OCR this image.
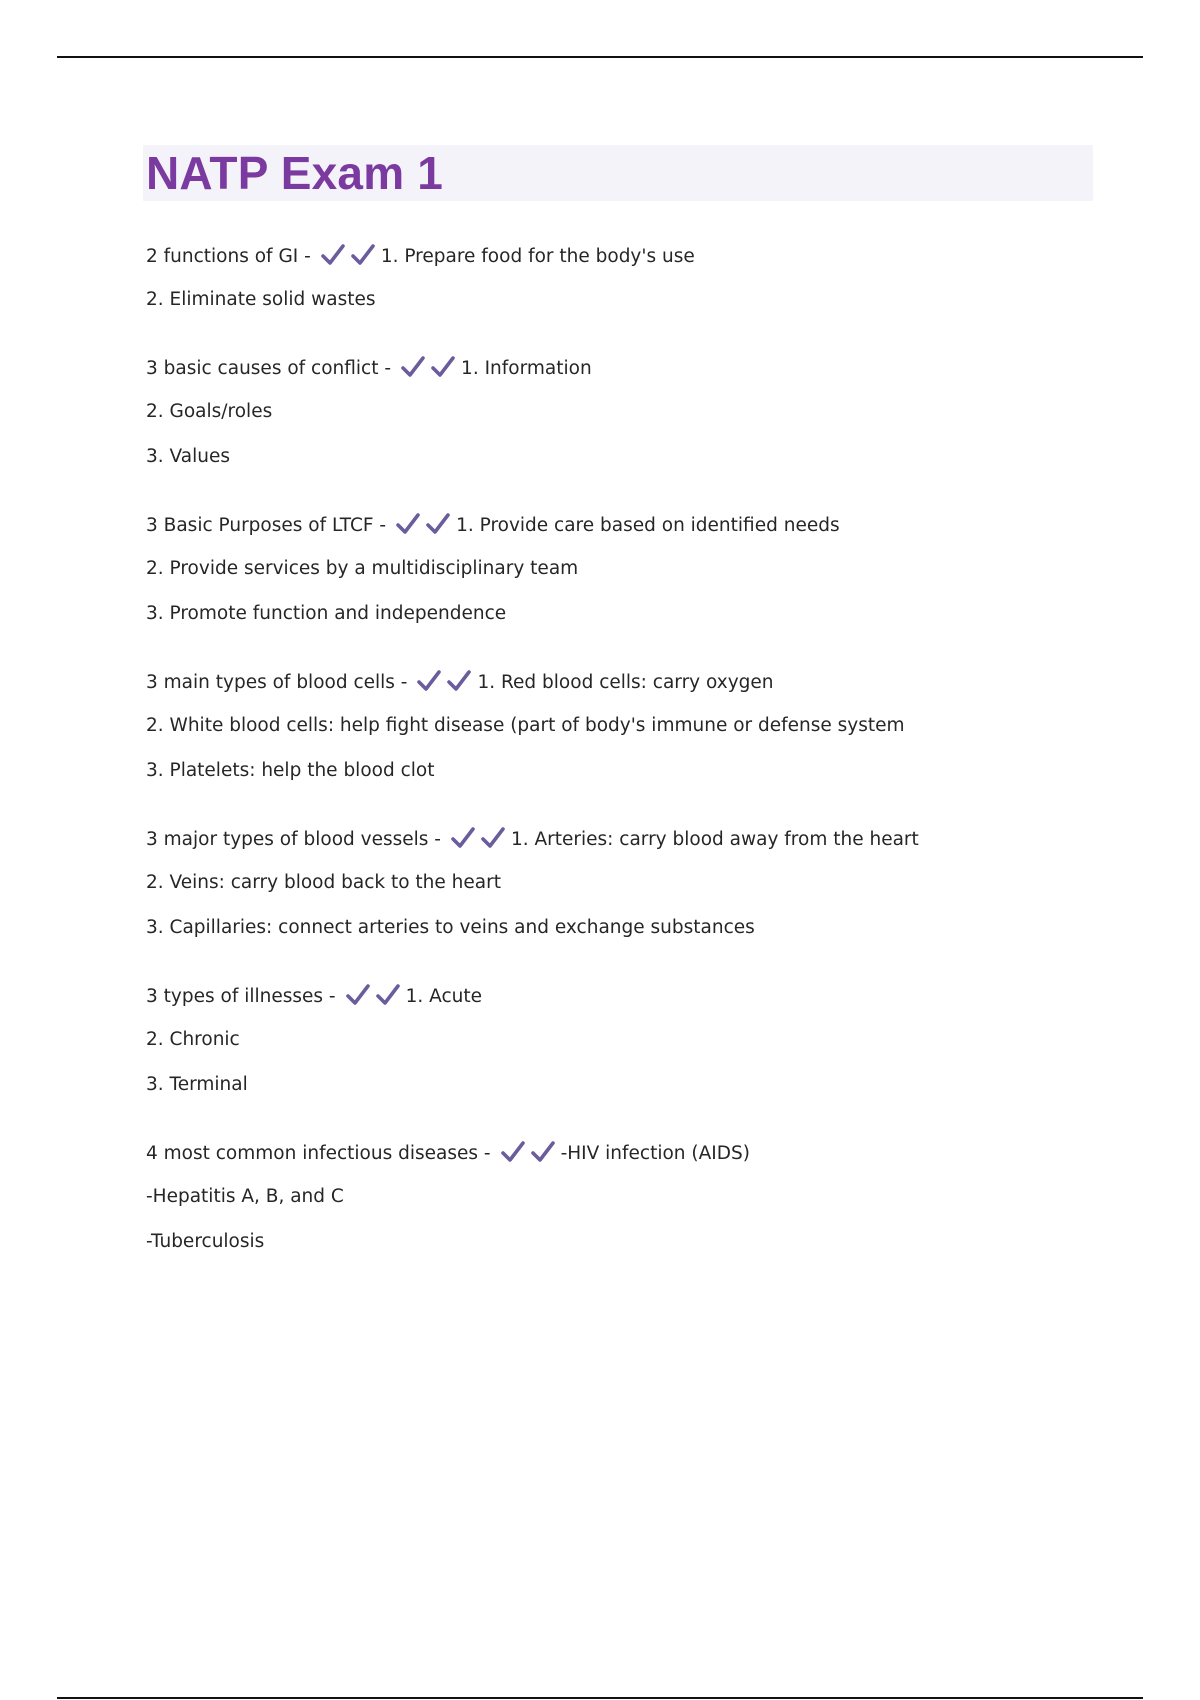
NATP Exam 1
2 functions of GI -	1. Prepare food for the body's use
2. Eliminate solid wastes
3 basic causes of conflict -	1. Information
2. Goals/roles
3. Values
3 Basic Purposes of LTCF -	1. Provide care based on identified needs
2. Provide services by a multidisciplinary team
3. Promote function and independence
3 main types of blood cells -	1. Red blood cells: carry oxygen
2. White blood cells: help fight disease (part of body's immune or defense system
3. Platelets: help the blood clot
3 major types of blood vessels -	1. Arteries: carry blood away from the heart
2. Veins: carry blood back to the heart
3. Capillaries: connect arteries to veins and exchange substances
3 types of illnesses -	1. Acute
2. Chronic
3. Terminal
4 most common infectious diseases -	-HIV infection (AIDS)
-Hepatitis A, B, and C
-Tuberculosis
